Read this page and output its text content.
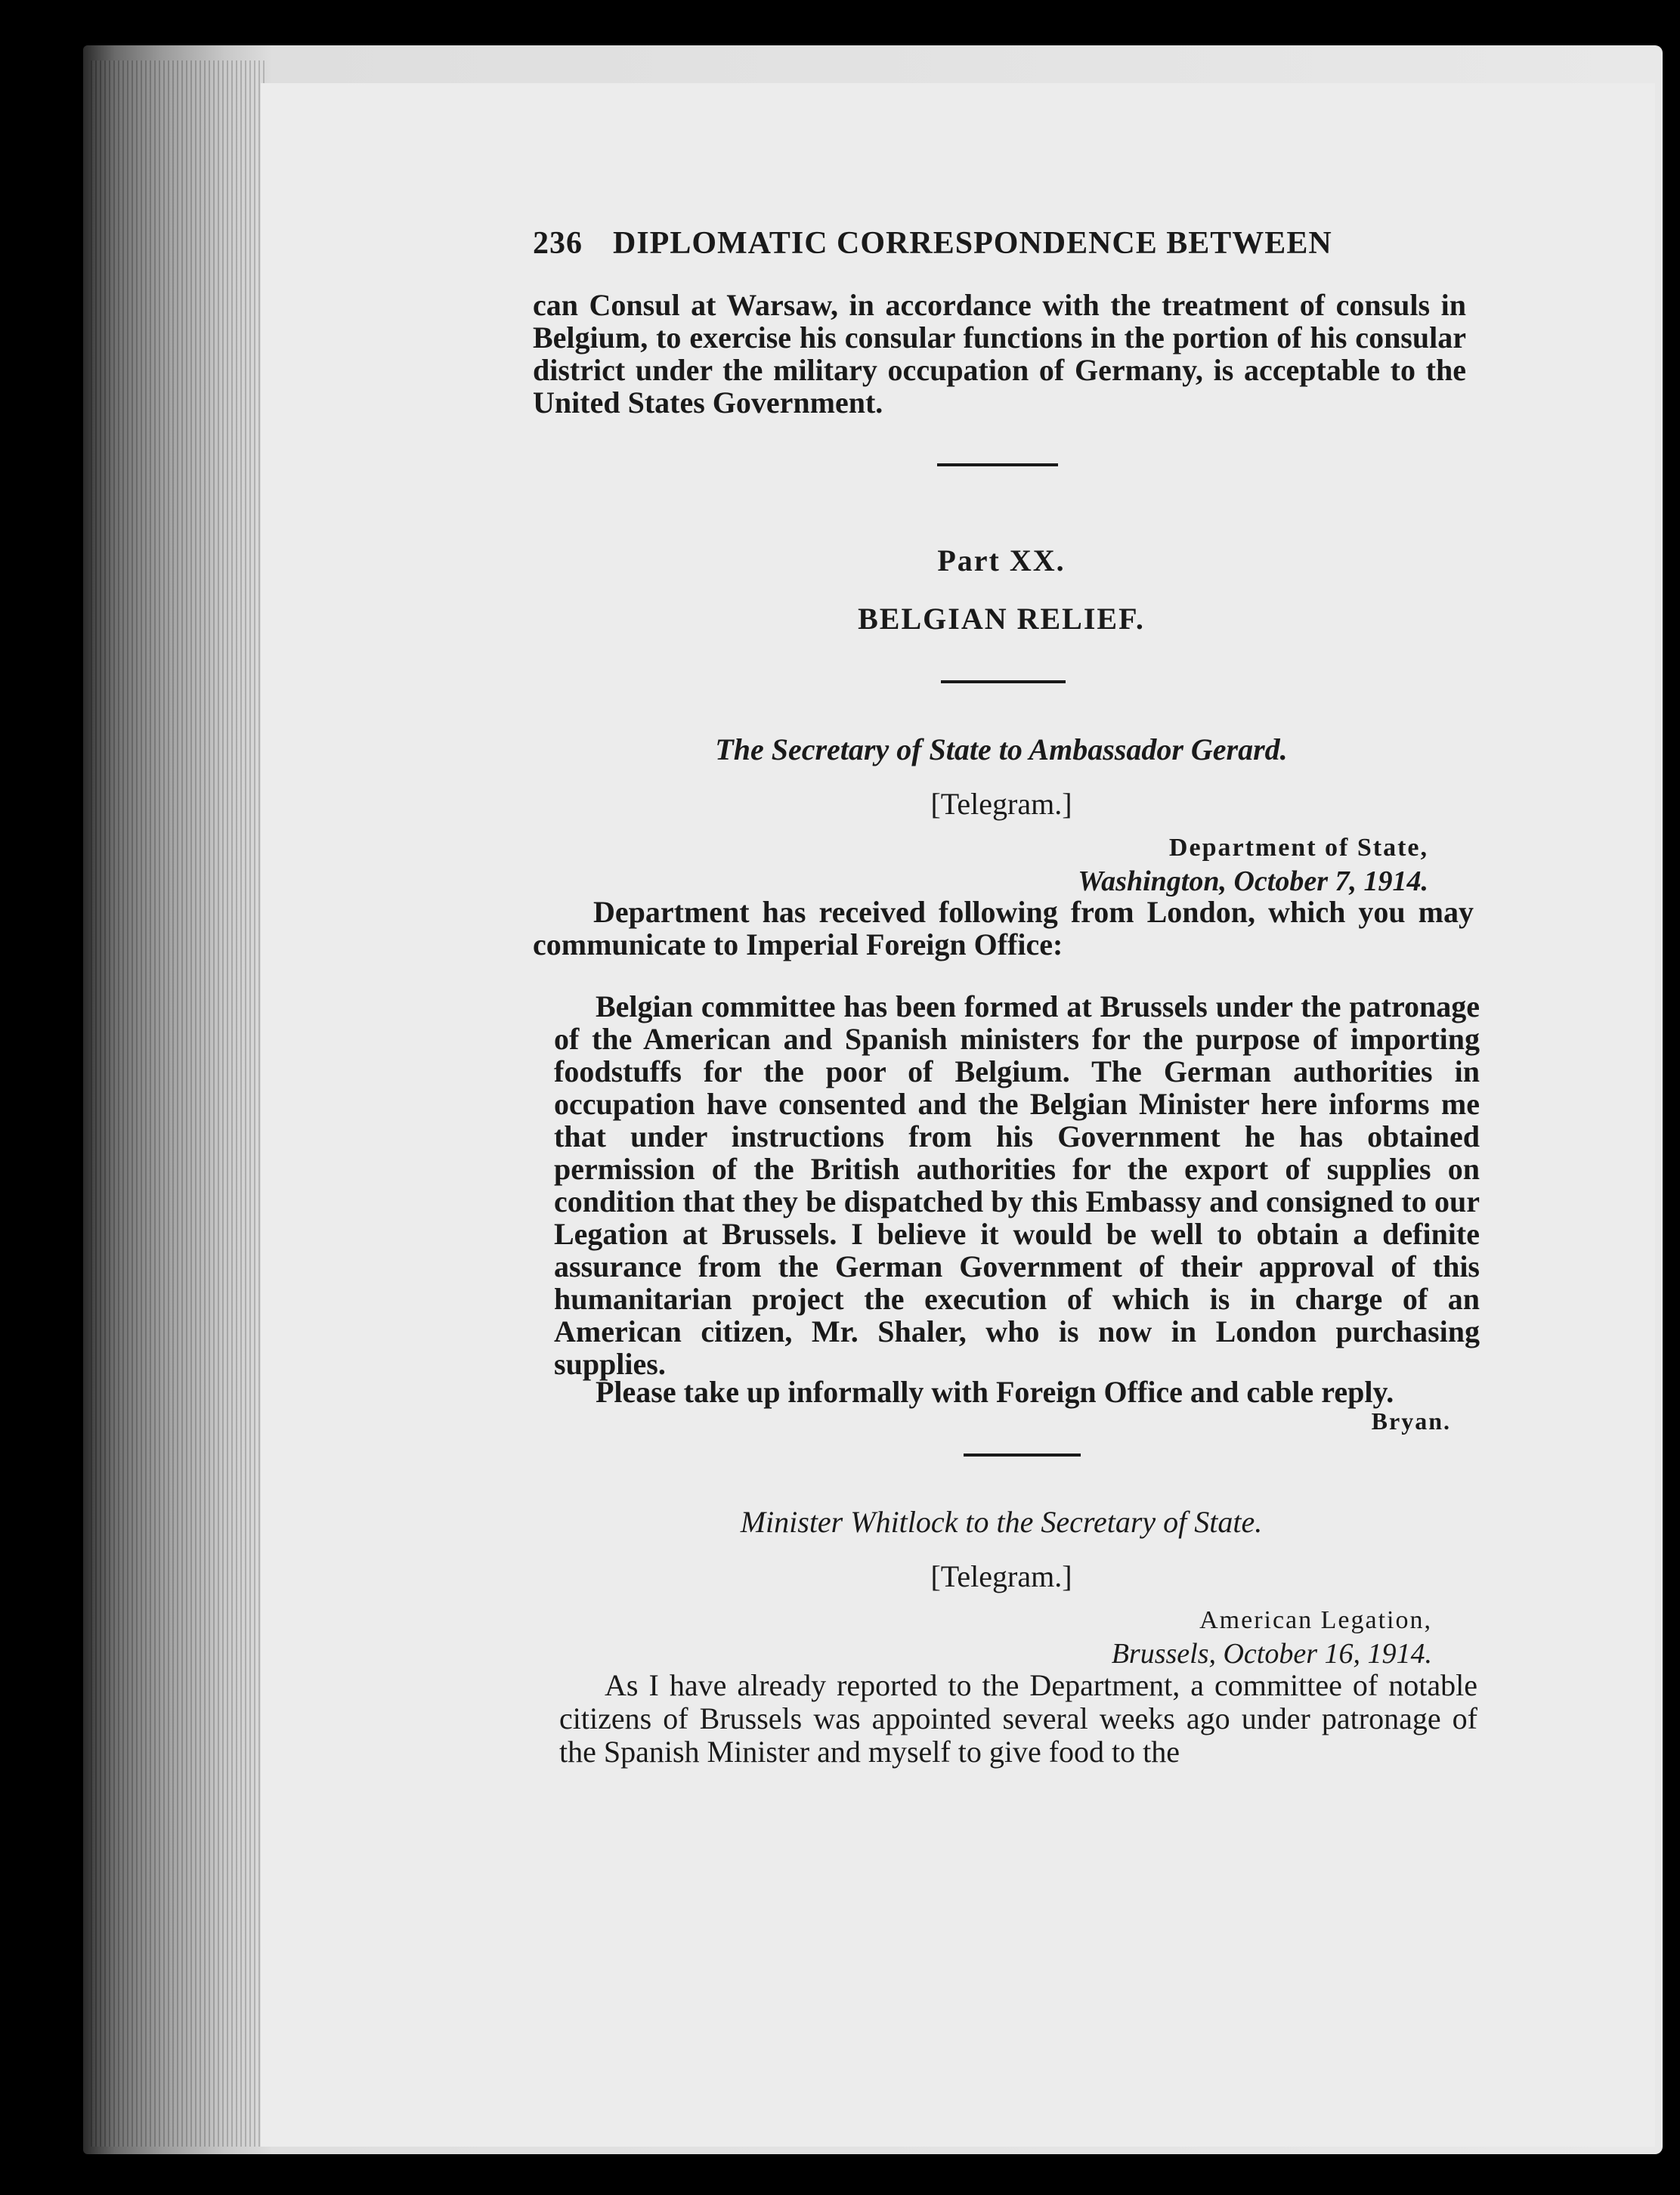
236 DIPLOMATIC CORRESPONDENCE BETWEEN
can Consul at Warsaw, in accordance with the treatment of consuls in Belgium, to exercise his consular functions in the portion of his consular district under the military occupation of Germany, is acceptable to the United States Government.
Part XX.
BELGIAN RELIEF.
The Secretary of State to Ambassador Gerard.
[Telegram.]
Department of State,
Washington, October 7, 1914.
Department has received following from London, which you may communicate to Imperial Foreign Office:
Belgian committee has been formed at Brussels under the patronage of the American and Spanish ministers for the purpose of importing foodstuffs for the poor of Belgium. The German authorities in occupation have consented and the Belgian Minister here informs me that under instructions from his Government he has obtained permission of the British authorities for the export of supplies on condition that they be dispatched by this Embassy and consigned to our Legation at Brussels. I believe it would be well to obtain a definite assurance from the German Government of their approval of this humanitarian project the execution of which is in charge of an American citizen, Mr. Shaler, who is now in London purchasing supplies.
Please take up informally with Foreign Office and cable reply.
Bryan.
Minister Whitlock to the Secretary of State.
[Telegram.]
American Legation,
Brussels, October 16, 1914.
As I have already reported to the Department, a committee of notable citizens of Brussels was appointed several weeks ago under patronage of the Spanish Minister and myself to give food to the
